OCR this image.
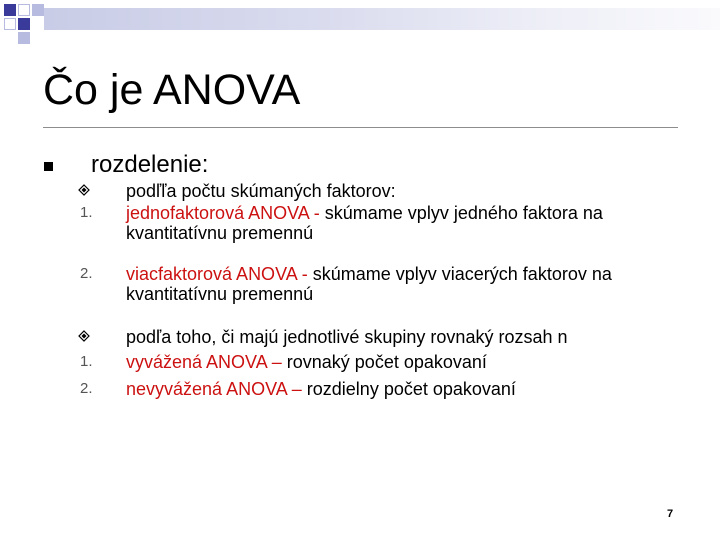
Čo je ANOVA
rozdelenie:
podľľa počtu skúmaných faktorov:
1. jednofaktorová ANOVA - skúmame vplyv jedného faktora na kvantitatívnu premennú
2. viacfaktorová ANOVA - skúmame vplyv viacerých faktorov na kvantitatívnu premennú
podľa toho, či majú jednotlivé skupiny rovnaký rozsah n
1. vyvážená ANOVA – rovnaký počet opakovaní
2. nevyvážená ANOVA – rozdielny počet opakovaní
7
